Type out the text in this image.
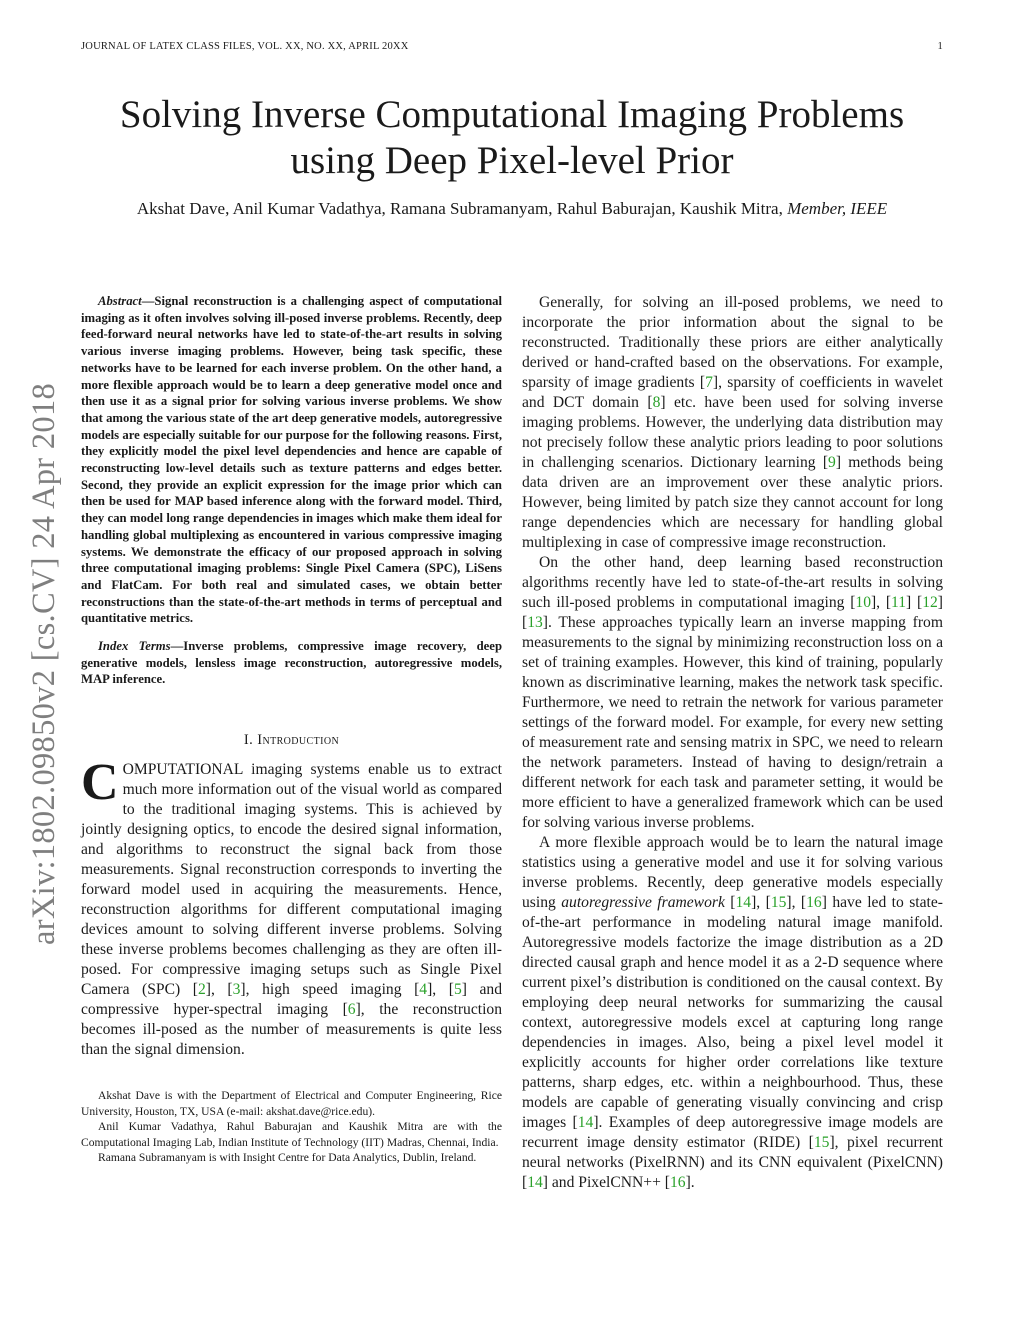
JOURNAL OF LATEX CLASS FILES, VOL. XX, NO. XX, APRIL 20XX	1
Solving Inverse Computational Imaging Problems
using Deep Pixel-level Prior
Akshat Dave, Anil Kumar Vadathya, Ramana Subramanyam, Rahul Baburajan, Kaushik Mitra, Member, IEEE
arXiv:1802.09850v2 [cs.CV] 24 Apr 2018

Abstract—Signal reconstruction is a challenging aspect of computational imaging as it often involves solving ill-posed inverse problems. Recently, deep feed-forward neural networks have led to state-of-the-art results in solving various inverse imaging problems. However, being task specific, these networks have to be learned for each inverse problem. On the other hand, a more flexible approach would be to learn a deep generative model once and then use it as a signal prior for solving various inverse problems. We show that among the various state of the art deep generative models, autoregressive models are especially suitable for our purpose for the following reasons. First, they explicitly model the pixel level dependencies and hence are capable of reconstructing low-level details such as texture patterns and edges better. Second, they provide an explicit expression for the image prior which can then be used for MAP based inference along with the forward model. Third, they can model long range dependencies in images which make them ideal for handling global multiplexing as encountered in various compressive imaging systems. We demonstrate the efficacy of our proposed approach in solving three computational imaging problems: Single Pixel Camera (SPC), LiSens and FlatCam. For both real and simulated cases, we obtain better reconstructions than the state-of-the-art methods in terms of perceptual and quantitative metrics.

Index Terms—Inverse problems, compressive image recovery, deep generative models, lensless image reconstruction, autoregressive models, MAP inference.

I. Introduction

COMPUTATIONAL imaging systems enable us to extract much more information out of the visual world as compared to the traditional imaging systems. This is achieved by jointly designing optics, to encode the desired signal information, and algorithms to reconstruct the signal back from those measurements. Signal reconstruction corresponds to inverting the forward model used in acquiring the measurements. Hence, reconstruction algorithms for different computational imaging devices amount to solving different inverse problems. Solving these inverse problems becomes challenging as they are often ill-posed. For compressive imaging setups such as Single Pixel Camera (SPC) [2], [3], high speed imaging [4], [5] and compressive hyper-spectral imaging [6], the reconstruction becomes ill-posed as the number of measurements is quite less than the signal dimension.

Akshat Dave is with the Department of Electrical and Computer Engineering, Rice University, Houston, TX, USA (e-mail: akshat.dave@rice.edu).

Anil Kumar Vadathya, Rahul Baburajan and Kaushik Mitra are with the Computational Imaging Lab, Indian Institute of Technology (IIT) Madras, Chennai, India.

Ramana Subramanyam is with Insight Centre for Data Analytics, Dublin, Ireland.

Generally, for solving an ill-posed problems, we need to incorporate the prior information about the signal to be reconstructed. Traditionally these priors are either analytically derived or hand-crafted based on the observations. For example, sparsity of image gradients [7], sparsity of coefficients in wavelet and DCT domain [8] etc. have been used for solving inverse imaging problems. However, the underlying data distribution may not precisely follow these analytic priors leading to poor solutions in challenging scenarios. Dictionary learning [9] methods being data driven are an improvement over these analytic priors. However, being limited by patch size they cannot account for long range dependencies which are necessary for handling global multiplexing in case of compressive image reconstruction.

On the other hand, deep learning based reconstruction algorithms recently have led to state-of-the-art results in solving such ill-posed problems in computational imaging [10], [11] [12] [13]. These approaches typically learn an inverse mapping from measurements to the signal by minimizing reconstruction loss on a set of training examples. However, this kind of training, popularly known as discriminative learning, makes the network task specific. Furthermore, we need to retrain the network for various parameter settings of the forward model. For example, for every new setting of measurement rate and sensing matrix in SPC, we need to relearn the network parameters. Instead of having to design/retrain a different network for each task and parameter setting, it would be more efficient to have a generalized framework which can be used for solving various inverse problems.

A more flexible approach would be to learn the natural image statistics using a generative model and use it for solving various inverse problems. Recently, deep generative models especially using autoregressive framework [14], [15], [16] have led to state-of-the-art performance in modeling natural image manifold. Autoregressive models factorize the image distribution as a 2D directed causal graph and hence model it as a 2-D sequence where current pixel’s distribution is conditioned on the causal context. By employing deep neural networks for summarizing the causal context, autoregressive models excel at capturing long range dependencies in images. Also, being a pixel level model it explicitly accounts for higher order correlations like texture patterns, sharp edges, etc. within a neighbourhood. Thus, these models are capable of generating visually convincing and crisp images [14]. Examples of deep autoregressive image models are recurrent image density estimator (RIDE) [15], pixel recurrent neural networks (PixelRNN) and its CNN equivalent (PixelCNN) [14] and PixelCNN++ [16].
